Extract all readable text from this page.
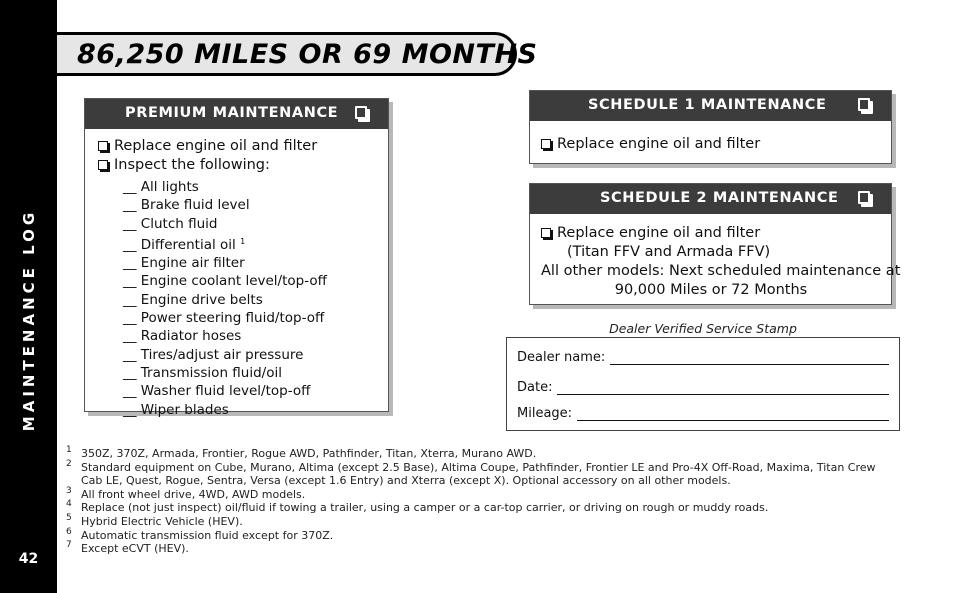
MAINTENANCE LOG
42
86,250 MILES OR 69 MONTHS
PREMIUM MAINTENANCE
Replace engine oil and filter
Inspect the following:
__ All lights
__ Brake fluid level
__ Clutch fluid
__ Differential oil $^1$
__ Engine air filter
__ Engine coolant level/top-off
__ Engine drive belts
__ Power steering fluid/top-off
__ Radiator hoses
__ Tires/adjust air pressure
__ Transmission fluid/oil
__ Washer fluid level/top-off
__ Wiper blades
SCHEDULE 1 MAINTENANCE
Replace engine oil and filter
SCHEDULE 2 MAINTENANCE
Replace engine oil and filter
(Titan FFV and Armada FFV)
All other models: Next scheduled maintenance at
90,000 Miles or 72 Months
Dealer Verified Service Stamp
Dealer name:
Date:
Mileage:
1 350Z, 370Z, Armada, Frontier, Rogue AWD, Pathfinder, Titan, Xterra, Murano AWD.
2 Standard equipment on Cube, Murano, Altima (except 2.5 Base), Altima Coupe, Pathfinder, Frontier LE and Pro-4X Off-Road, Maxima, Titan Crew
Cab LE, Quest, Rogue, Sentra, Versa (except 1.6 Entry) and Xterra (except X). Optional accessory on all other models.
3 All front wheel drive, 4WD, AWD models.
4 Replace (not just inspect) oil/fluid if towing a trailer, using a camper or a car-top carrier, or driving on rough or muddy roads.
5 Hybrid Electric Vehicle (HEV).
6 Automatic transmission fluid except for 370Z.
7 Except eCVT (HEV).
